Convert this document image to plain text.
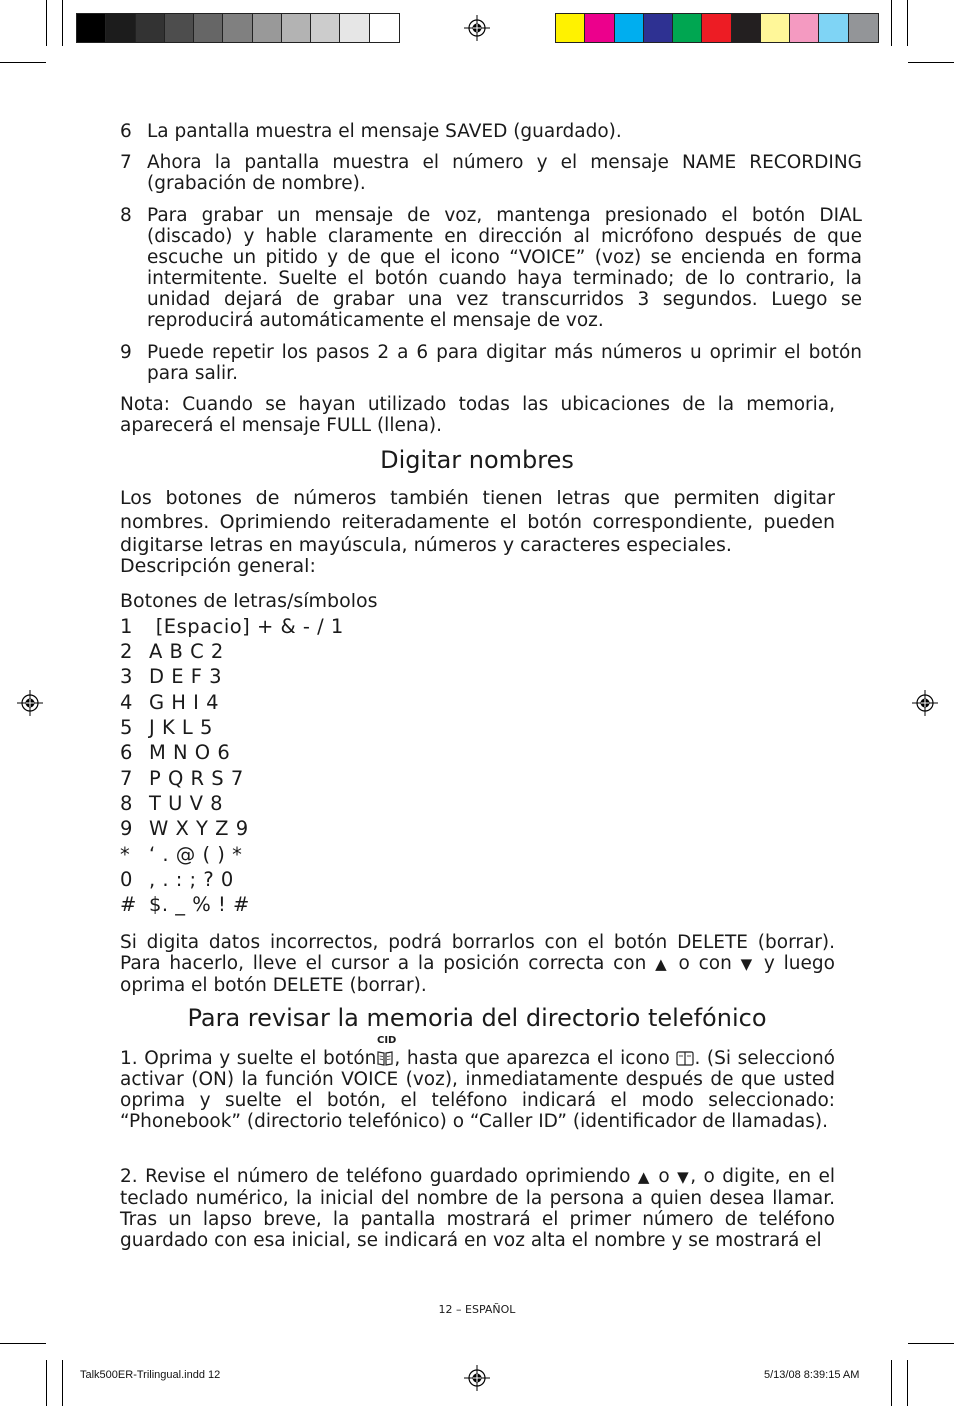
6 La pantalla muestra el mensaje SAVED (guardado).
7 Ahora la pantalla muestra el número y el mensaje NAME RECORDING (grabación de nombre).
8 Para grabar un mensaje de voz, mantenga presionado el botón DIAL (discado) y hable claramente en dirección al micrófono después de que escuche un pitido y de que el icono “VOICE” (voz) se encienda en forma intermitente. Suelte el botón cuando haya terminado; de lo contrario, la unidad dejará de grabar una vez transcurridos 3 segundos. Luego se reproducirá automáticamente el mensaje de voz.
9 Puede repetir los pasos 2 a 6 para digitar más números u oprimir el botón para salir.
Nota: Cuando se hayan utilizado todas las ubicaciones de la memoria, aparecerá el mensaje FULL (llena).
Digitar nombres
Los botones de números también tienen letras que permiten digitar nombres. Oprimiendo reiteradamente el botón correspondiente, pueden digitarse letras en mayúscula, números y caracteres especiales.
Descripción general:
Botones de letras/símbolos
1 [Espacio] + & - / 1
2 A B C 2
3 D E F 3
4 G H I 4
5 J K L 5
6 M N O 6
7 P Q R S 7
8 T U V 8
9 W X Y Z 9
* ‘ . @ ( ) *
0 , . : ; ? 0
# $. _ % ! #
Si digita datos incorrectos, podrá borrarlos con el botón DELETE (borrar). Para hacerlo, lleve el cursor a la posición correcta con ▲ o con ▼ y luego oprima el botón DELETE (borrar).
Para revisar la memoria del directorio telefónico
CID
1. Oprima y suelte el botón , hasta que aparezca el icono . (Si seleccionó activar (ON) la función VOICE (voz), inmediatamente después de que usted oprima y suelte el botón, el teléfono indicará el modo seleccionado: “Phonebook” (directorio telefónico) o “Caller ID” (identificador de llamadas).
2. Revise el número de teléfono guardado oprimiendo ▲ o ▼, o digite, en el teclado numérico, la inicial del nombre de la persona a quien desea llamar. Tras un lapso breve, la pantalla mostrará el primer número de teléfono guardado con esa inicial, se indicará en voz alta el nombre y se mostrará el
12 – ESPAÑOL
Talk500ER-Trilingual.indd 12	5/13/08 8:39:15 AM
